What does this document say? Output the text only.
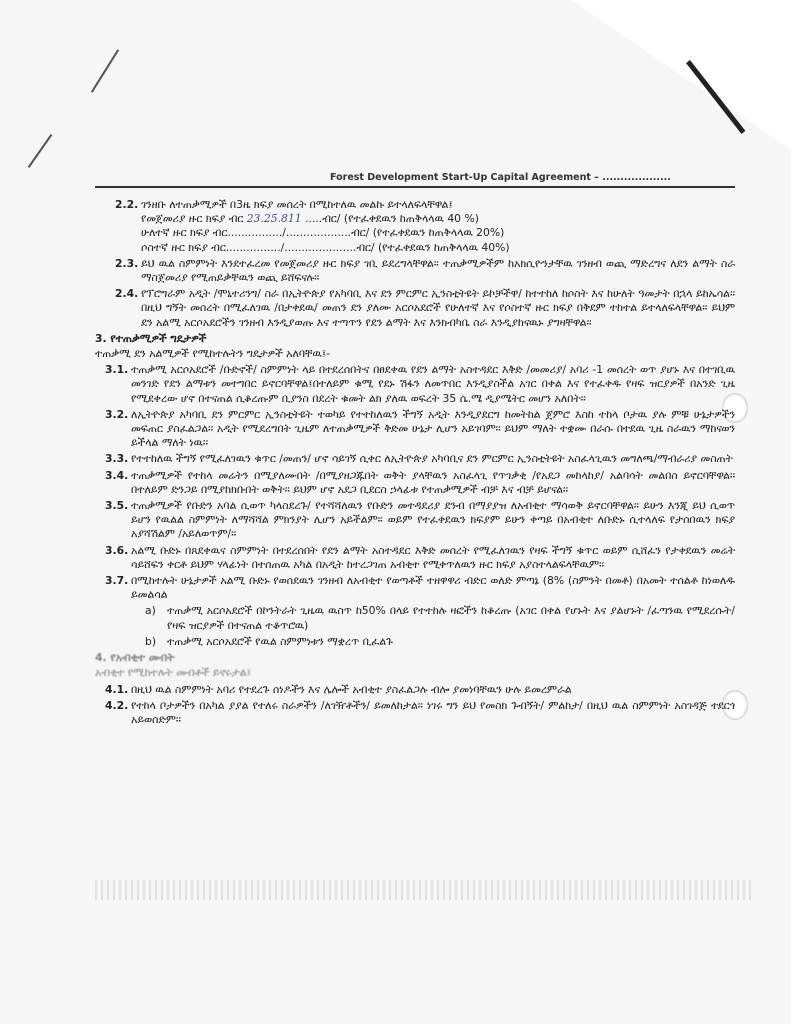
Forest Development Start-Up Capital Agreement – ...................
2.2. ገንዘቡ ለተጠቃሚዎች በ3ዜ ክፍያ መሰረት በሚከተለዉ መልኩ ይተላለፍላቸዋል፤
የመጀመሪያ ዙር ክፍያ ብር 23.25.811 .....ብር/ (የተፈቀደዉን ከጠቅላላዉ 40 %)
ሁለተኛ ዙር ክፍያ ብር................/...................ብር/ (የተፈቀደዉን ከጠቅላላዉ 20%)
ሶስተኛ ዙር ክፍያ ብር................/.....................ብር/ (የተፈቀደዉን ከጠቅላላዉ 40%)
2.3. ይህ ዉል ስምምነት እንደተፈረመ የመጀመሪያ ዙር ክፍያ ገቢ ይደረግላቸዋል፡፡ ተጠቃሚዎችም ከአክሲዮንታቸዉ ገንዘብ ወጪ ማድረግና ለደን ልማት ስራ ማስጀመሪያ የሚጠይቃቸዉን ወጪ ይሸፍናሉ፡፡
2.4. የፕሮግራም አዲት /ሞኒተሪንግ/ ስራ በኢትዮጵያ የአካባቢ እና ደን ምርምር ኢንስቲትዩት ይኮቻችዋ/ ከተተከለ ከሶስት እና ከሁለት ዓመታት በኋላ ይከኤሳል፡፡ በዚህ ግኝት መሰረት በሚፈለገዉ /በታቀደዉ/ መጠን ደን ያለሙ አርሶአደሮች የሁለተኛ እና የሶስተኛ ዙር ክፍያ በቅደም ተከተል ይተላለፍላቸዋል፡፡ ይህም ደን አልሚ አርሶአደሮችን ገንዘብ እንዲያወጡ እና ተጣጥን የደን ልማት እና እንክብካቤ ስራ እንዲያከናዉኑ ያግዛቸዋል፡፡
3. የተጠቃሚዎች ግዴታዎች
ተጠቃሚ ደን አልሚዎች የሚከተሉትን ግዴታዎች አለባቸዉ፤-
3.1. ተጠቃሚ አርሶአደሮች /ቡድኖች/ ስምምነት ላይ በተደረሰበትና በፀደቀዉ የደን ልማት አስተዳደር እቅድ /መመሪያ/ አባሪ -1 መሰረት ወጥ ያሆኑ እና በተገቢዉ መንገድ የደን ልማቱን መተግበር ይኖርባቸዋል፤በተለይም ቁሚ የደኑ ሽፋን ለመጥበር እንዲያስችል አገር በቀል እና የተፈቀዱ የዛፍ ዝርያዎች በአንድ ጊዜ የሚደቀረው ሆኖ በተናጠል ሲቆረጡም ቢያንስ በደረት ቁመት ልክ ያለዉ ወፍረት 35 ሴ.ሜ ዲያሜትር መሆን አለበት፡፡
3.2. ለኢትዮጵያ አካባቢ ደን ምርምር ኢንስቲትዩት ተወካይ የተተከለዉን ችግኝ አዲት እንዲያደርግ ከመትከል ጀምሮ እስከ ተከላ ቦታዉ ያሉ ምቹ ሁኔታዎችን መፍጠር ያስፈልጋል፡፡ አዲት የሚደረግበት ጊዜም ለተጠቃሚዎች ቅድመ ሁኔታ ሊሆን አይገባም፡፡ ይህም ማለት ተቋሙ በራሱ በተደዉ ጊዜ ስራዉን ማከናወን ይችላል ማለት ነዉ፡፡
3.3. የተተከለዉ ችግኝ የሚፈለገዉን ቁጥር /መጠን/ ሆኖ ሳይገኝ ሲቀር ለኢትዮጵያ አካባቢና ደን ምርምር ኢንስቲትዩት አስፈላጊዉን መግለጫ/ማብራሪያ መስጠት
3.4. ተጠቃሚዎች የተከላ መሬትን በሚያለሙበት /በሚያዘጋጁበት ወቅት ያላቸዉን አስፈላጊ የጥገቃቂ /የአደጋ መከላከያ/ አልባሳት መልበስ ይኖርባቸዋል፡፡ በተለይም ድንጋይ በሚያከክቡበት ወቅት፡፡ ይህም ሆኖ አደጋ ቢደርስ ኃላፊቱ የተጠቃሚዎች ብቻ እና ብቻ ይሆናል፡፡
3.5. ተጠቃሚዎች የቡድን አባል ሲወጥ ካላስደረጉ/ የተሻሻለዉን የቡድን መተዳደሪያ ደንብ በማያያዝ ለአብቂተ ማሳወቅ ይኖርባቸዋል፡፡ ይሁን እንጂ ይህ ሲወጥ ይሆን የዉልል ስምምነት ለማሻሻል ምክንያት ሊሆን አይችልም፡፡ ወይም የተፈቀደዉን ክፍያም ይሁን ቀጣይ በአብቂተ ለቡድኑ ሲተላለፍ የታሰበዉን ክፍያ አያሻሽልም /አይለወጥም/፡፡
3.6. አልሚ ቡድኑ በጸደቀዉና ስምምነት በተደረሰበት የደን ልማት አስተዳደር እቅድ መሰረት የሚፈለገዉን የዛፍ ችግኝ ቁጥር ወይም ሲሸፈን የታቀደዉን መሬት ሳይሸፍን ቀርቶ ይህም ሃላፊነት በተሰጠዉ አካል በአዲት ከተረጋገጠ አብቂተ የሚቀጥለዉን ዙር ክፍያ አያስተላልፍላቸዉም፡፡
3.7. በሚከተሉት ሁኔታዎች አልሚ ቡድኑ የወሰደዉን ገንዘብ ለአብቂተ የወጣቶች ተዘዋዋሪ ብድር ወለድ ምጣኔ (8% (ስምንት በመቶ) በአመት ተሰልቶ ከነወለዱ ይመልሳል
a)	ተጠቃሚ አርሶአደሮች በኮንትራት ጊዜዉ ዉስጥ ከ50% በላይ የተተከሉ ዛፎችን ከቆረጡ (አገር በቀል የሆኑት እና ያልሆኑት /ፈጣንዉ የሚደረሱት/ የዛፍ ዝርያዎች በተናጠል ተቆጥሮዉ)
b)	ተጠቃሚ አርሶአደሮች የዉል ስምምነቱን ማቋረጥ ቢፈልጉ
4. የአብቂተ መብት
አብቂተ የሚከተሉት መብቶች ይኖሩታል፤
4.1. በዚህ ዉል ስምምነት አባሪ የተደረጉ ሰነዶችን እና ሌሎች አብቂተ ያስፈልጋሉ ብሎ ያመነባቸዉን ሁሉ ይመረምራል
4.2. የተከላ ቦታዎችን በአካል ያያል የተለሩ ስራዎችን /ለገዥቶችን/ ይመለከታል፡፡ ነገሩ ግን ይህ የመስክ ጉብኝት/ ምልከታ/ በዚህ ዉል ስምምነት አስገዳጅ ተደርጎ አይወሰድም፡፡
